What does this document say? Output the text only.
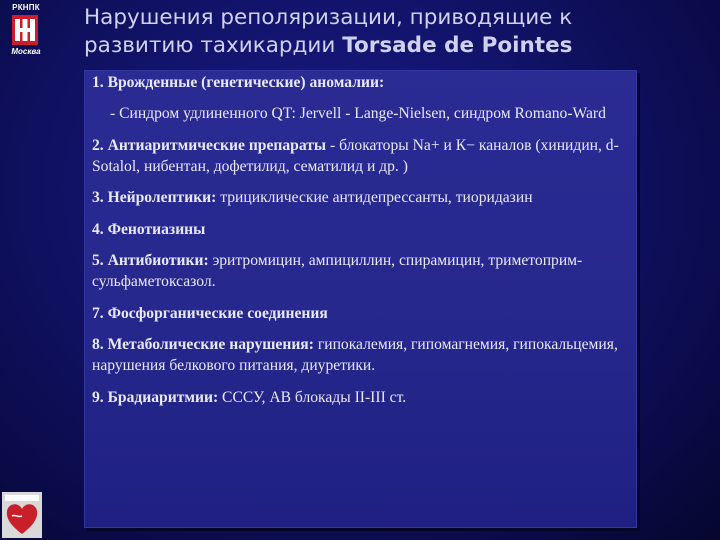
РКНПК
Москва
Нарушения реполяризации, приводящие к
развитию тахикардии Torsade de Pointes
1. Врожденные (генетические) аномалии:
- Синдром удлиненного QT: Jervell - Lange-Nielsen, синдром Romano-Ward
2. Антиаритмические препараты - блокаторы Na+ и К− каналов (хинидин, d- Sotalol, нибентан, дофетилид, сематилид и др. )
3. Нейролептики: трициклические антидепрессанты, тиоридазин
4. Фенотиазины
5. Антибиотики: эритромицин, ампициллин, спирамицин, триметоприм-сульфаметоксазол.
7. Фосфорганические соединения
8. Метаболические нарушения: гипокалемия, гипомагнемия, гипокальцемия, нарушения белкового питания, диуретики.
9. Брадиаритмии: СССУ, АВ блокады II-III ст.
